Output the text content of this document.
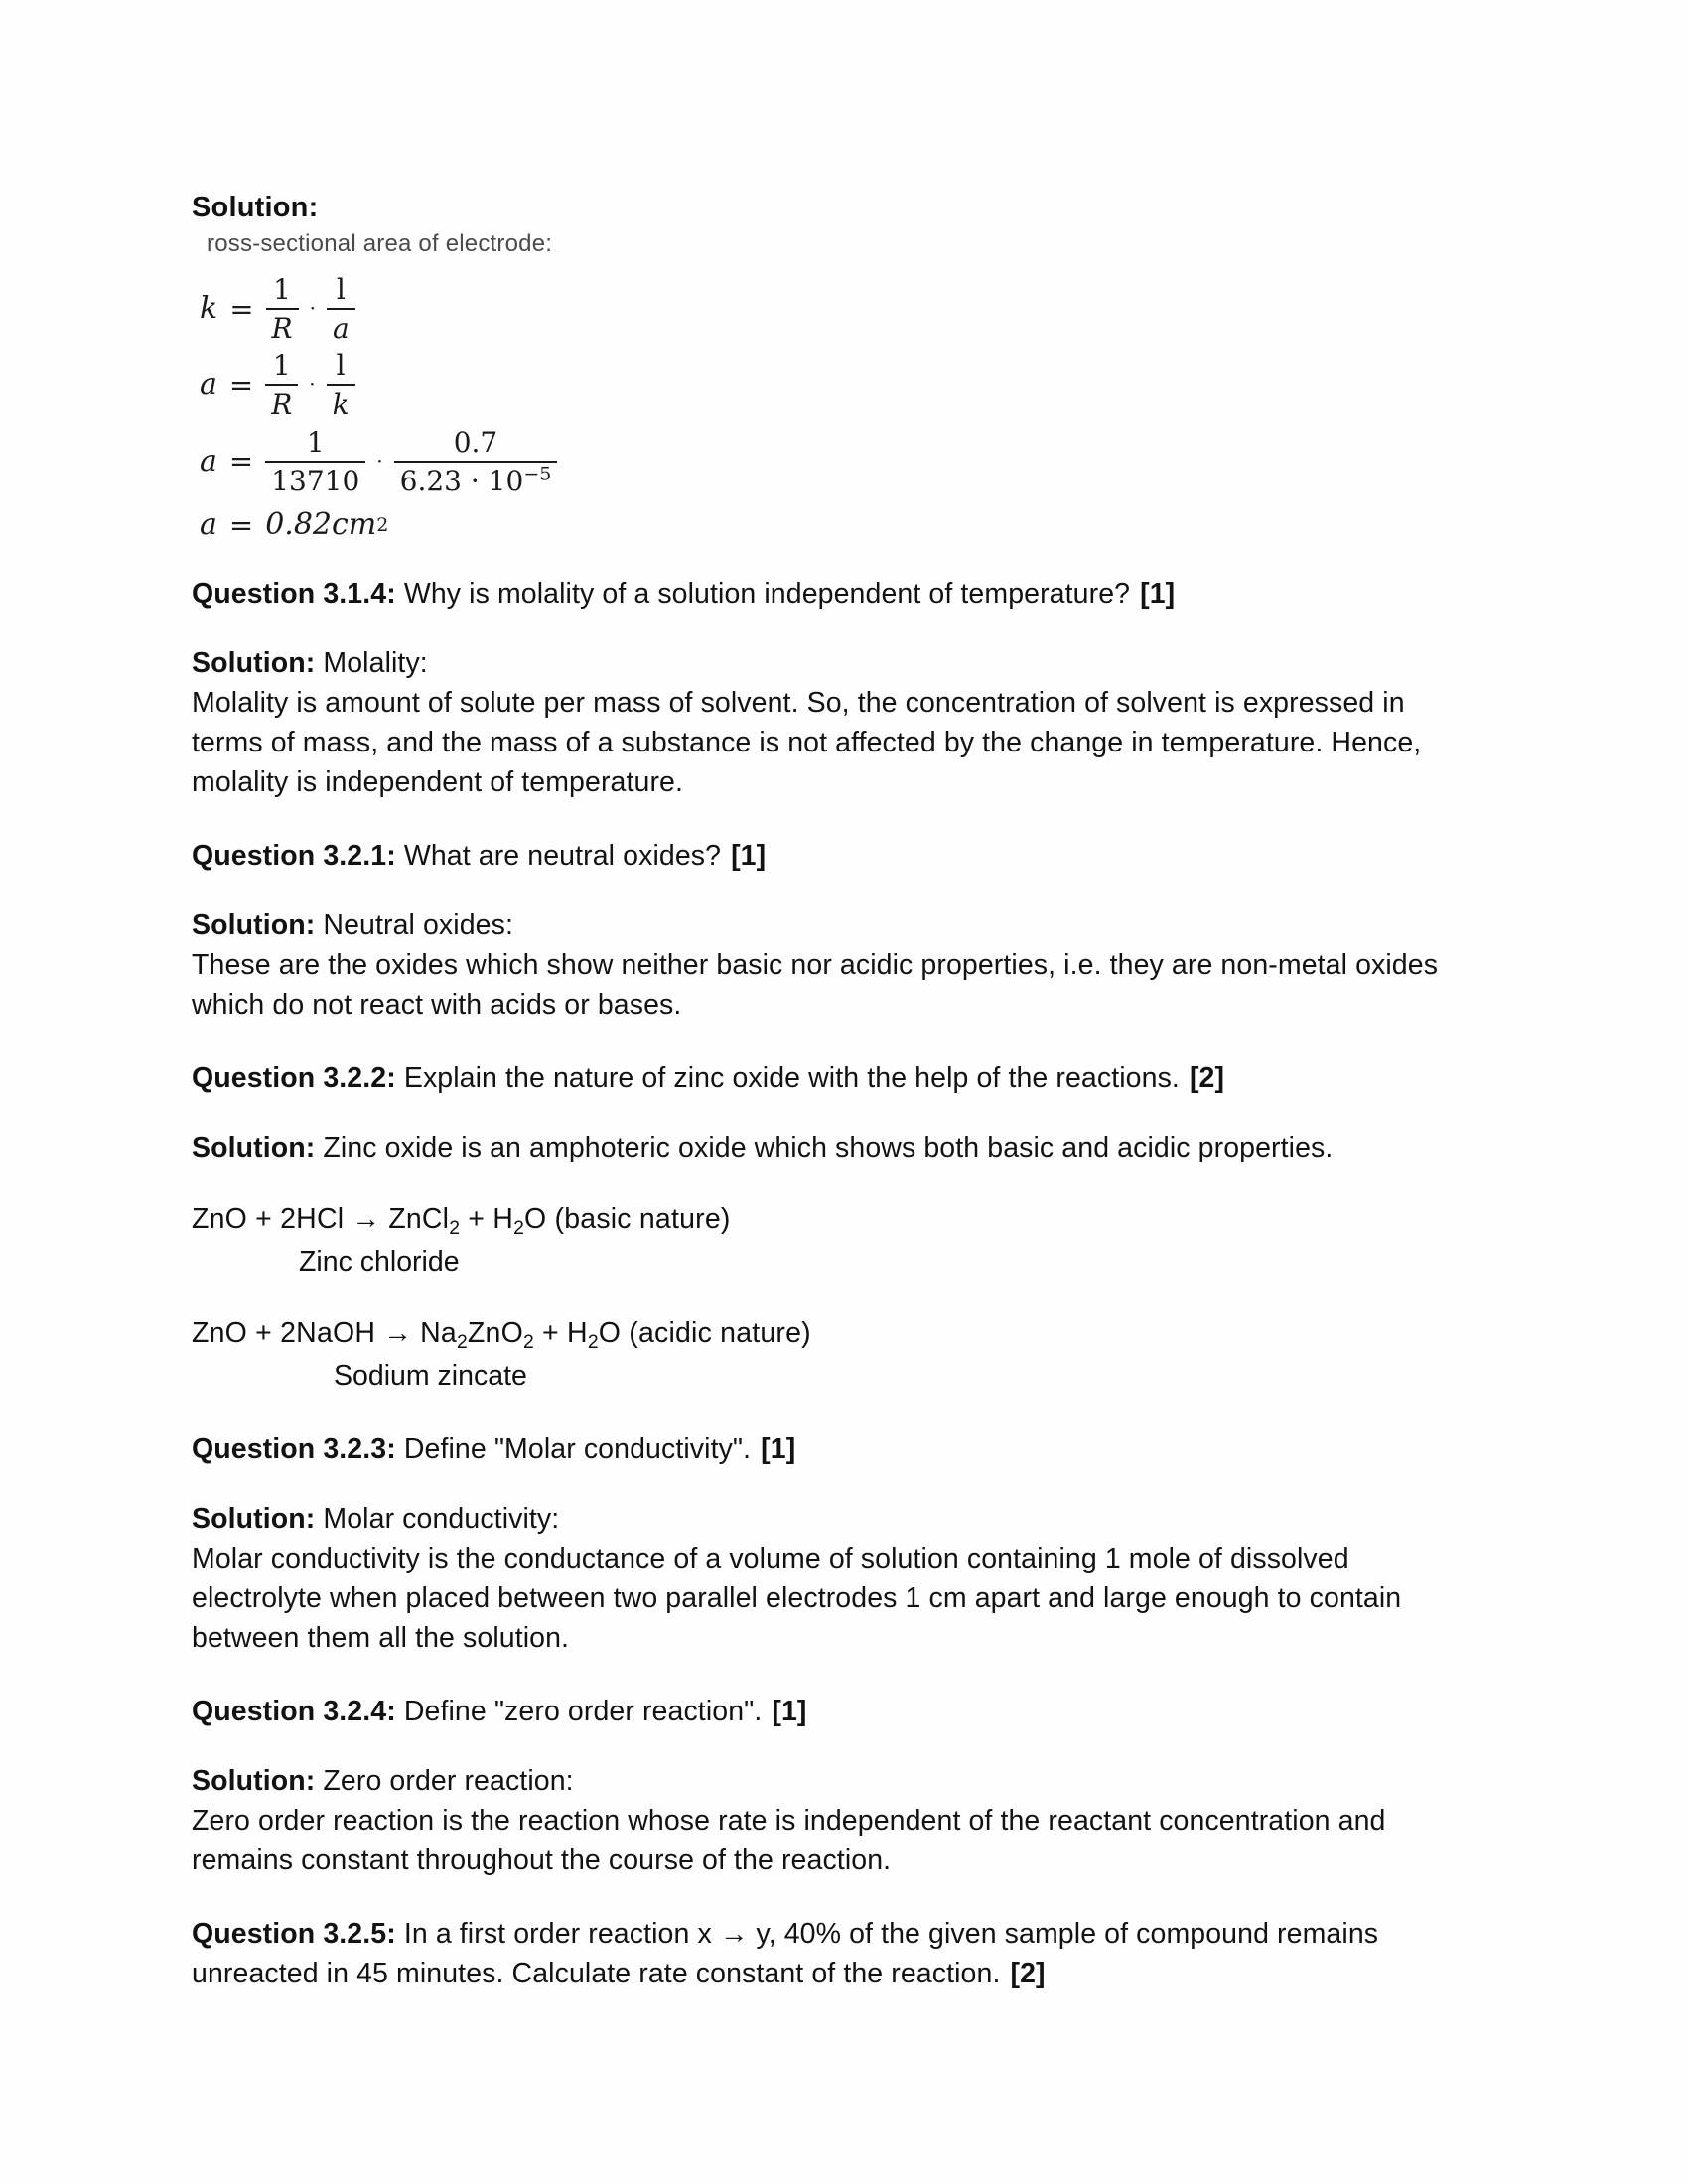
Solution:
ross-sectional area of electrode:
$k = \frac{1}{R} \cdot \frac{l}{a}$
$a = \frac{1}{R} \cdot \frac{l}{k}$
$a = \frac{1}{13710} \cdot \frac{0.7}{6.23 \cdot 10^{-5}}$
a = 0.82cm 2
Question 3.1.4: Why is molality of a solution independent of temperature? [1]
Solution: Molality:
Molality is amount of solute per mass of solvent. So, the concentration of solvent is expressed in terms of mass, and the mass of a substance is not affected by the change in temperature. Hence, molality is independent of temperature.
Question 3.2.1: What are neutral oxides? [1]
Solution: Neutral oxides:
These are the oxides which show neither basic nor acidic properties, i.e. they are non-metal oxides which do not react with acids or bases.
Question 3.2.2: Explain the nature of zinc oxide with the help of the reactions. [2]
Solution: Zinc oxide is an amphoteric oxide which shows both basic and acidic properties.
ZnO + 2HCl → ZnCl$_2$ + $H_2O$ (basic nature)
Zinc chloride
ZnO + 2NaOH → $Na_2ZnO_2 + H_2O$ (acidic nature)
Sodium zincate
Question 3.2.3: Define "Molar conductivity". [1]
Solution: Molar conductivity:
Molar conductivity is the conductance of a volume of solution containing 1 mole of dissolved electrolyte when placed between two parallel electrodes 1 cm apart and large enough to contain between them all the solution.
Question 3.2.4: Define "zero order reaction". [1]
Solution: Zero order reaction:
Zero order reaction is the reaction whose rate is independent of the reactant concentration and remains constant throughout the course of the reaction.
Question 3.2.5: In a first order reaction x → y, 40% of the given sample of compound remains unreacted in 45 minutes. Calculate rate constant of the reaction. [2]
